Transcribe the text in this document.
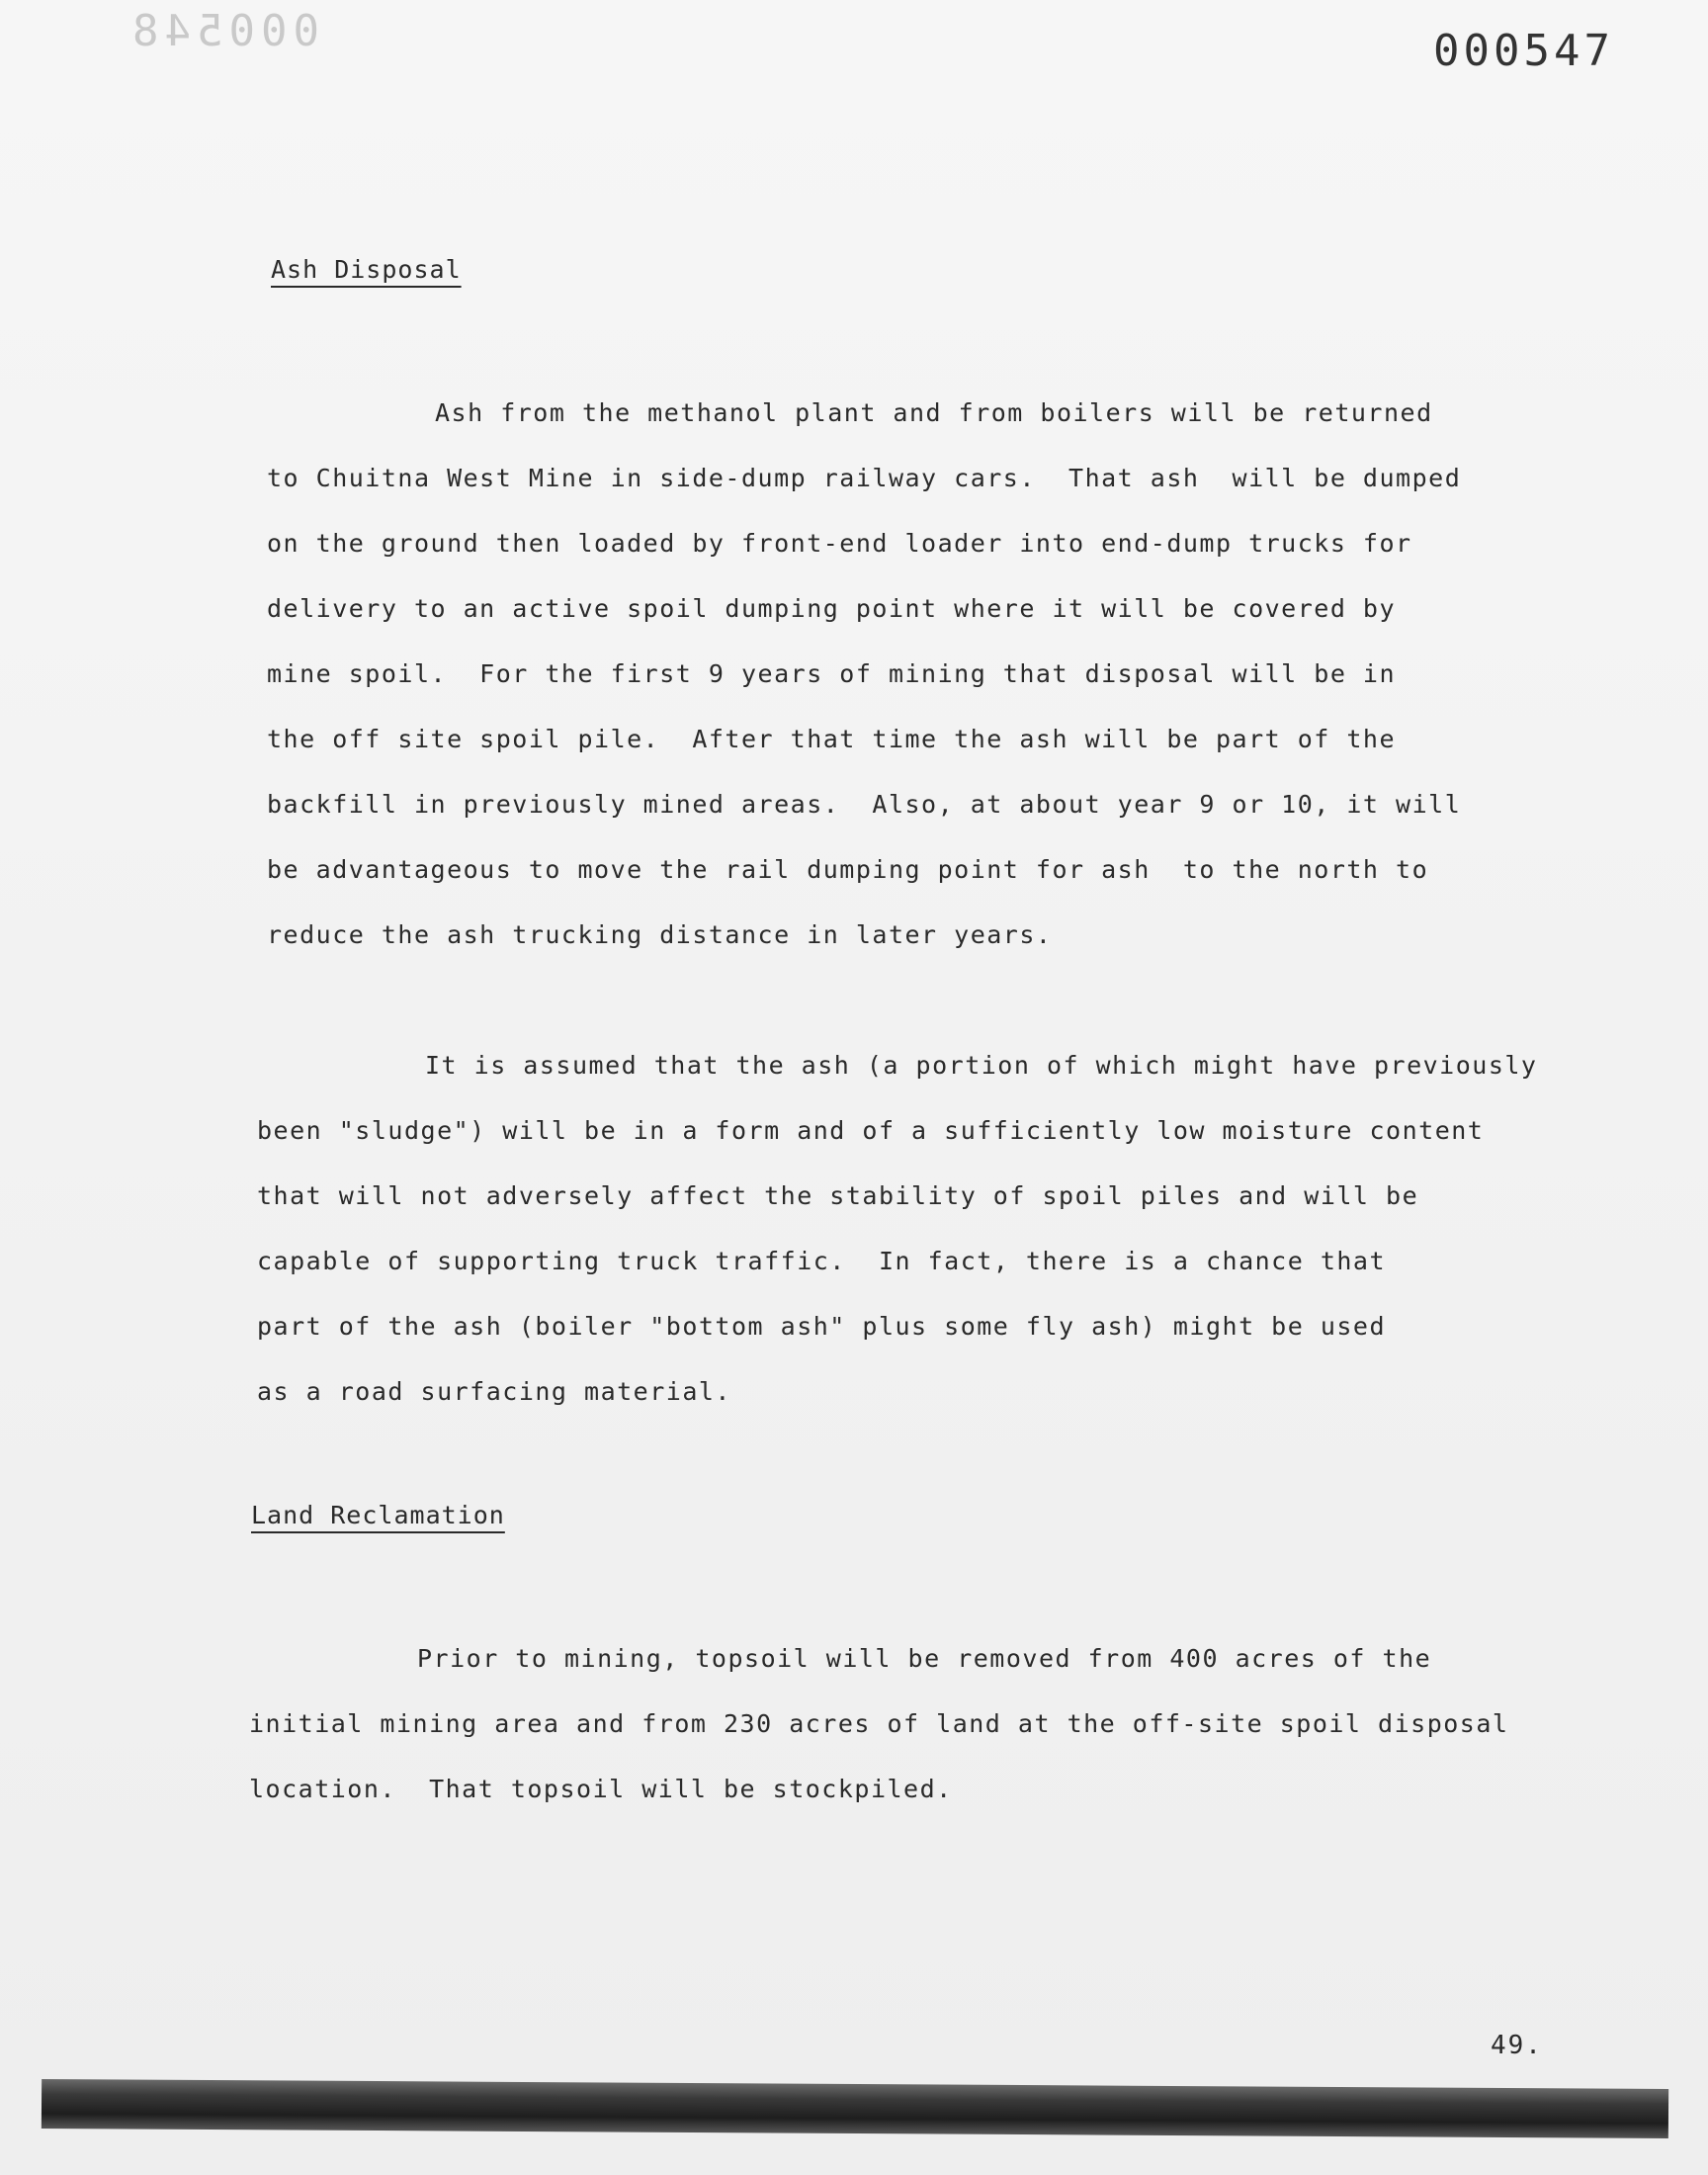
000548	000547
Ash Disposal
Ash from the methanol plant and from boilers will be returned
to Chuitna West Mine in side-dump railway cars.  That ash  will be dumped
on the ground then loaded by front-end loader into end-dump trucks for
delivery to an active spoil dumping point where it will be covered by
mine spoil.  For the first 9 years of mining that disposal will be in
the off site spoil pile.  After that time the ash will be part of the
backfill in previously mined areas.  Also, at about year 9 or 10, it will
be advantageous to move the rail dumping point for ash  to the north to
reduce the ash trucking distance in later years.
It is assumed that the ash (a portion of which might have previously
been "sludge") will be in a form and of a sufficiently low moisture content
that will not adversely affect the stability of spoil piles and will be
capable of supporting truck traffic.  In fact, there is a chance that
part of the ash (boiler "bottom ash" plus some fly ash) might be used
as a road surfacing material.
Land Reclamation
Prior to mining, topsoil will be removed from 400 acres of the
initial mining area and from 230 acres of land at the off-site spoil disposal
location.  That topsoil will be stockpiled.
49.
